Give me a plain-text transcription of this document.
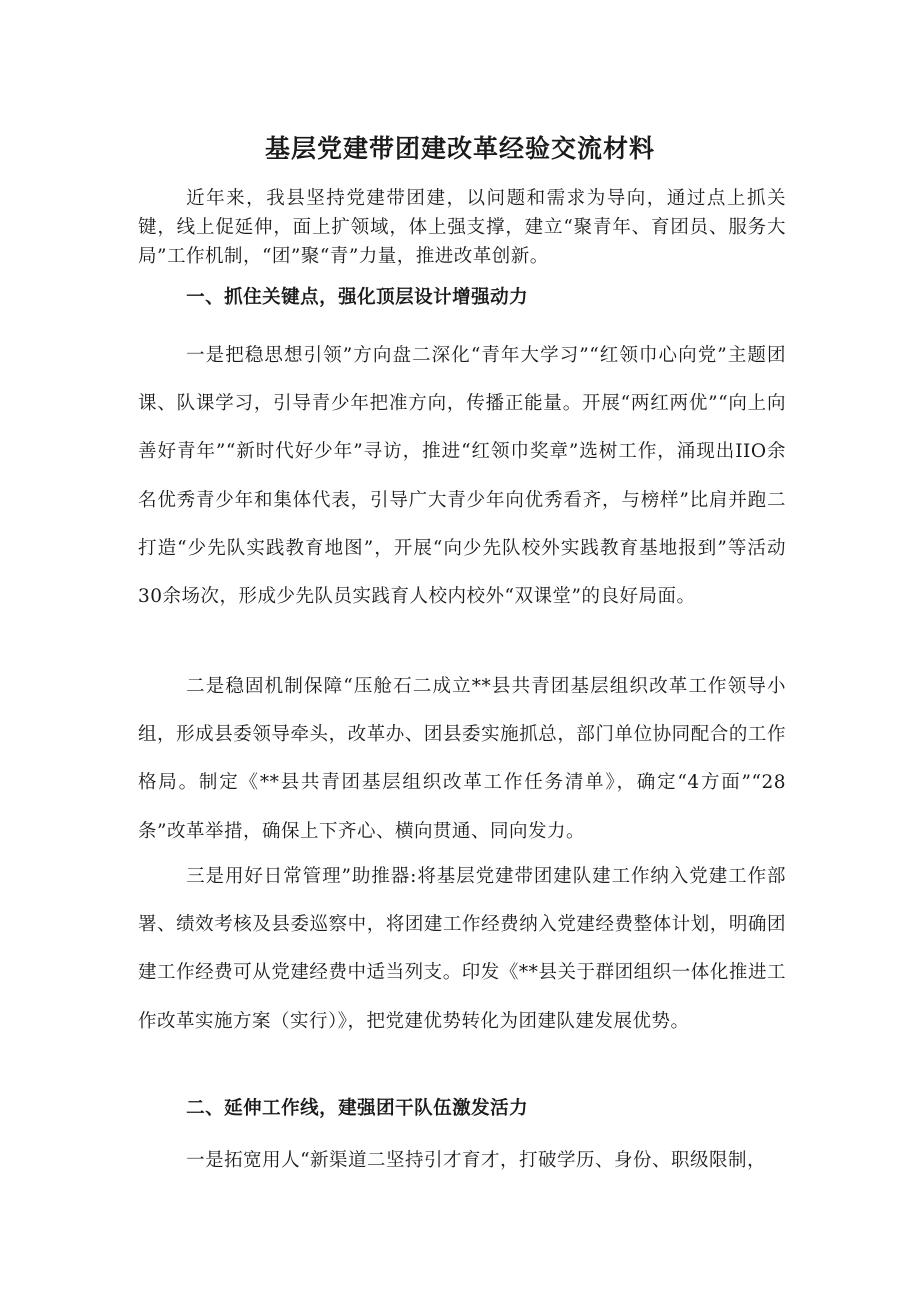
基层党建带团建改革经验交流材料

近年来，我县坚持党建带团建，以问题和需求为导向，通过点上抓关键，线上促延伸，面上扩领域，体上强支撑，建立“聚青年、育团员、服务大局”工作机制，“团”聚“青”力量，推进改革创新。

一、抓住关键点，强化顶层设计增强动力

一是把稳思想引领”方向盘二深化“青年大学习”“红领巾心向党”主题团课、队课学习，引导青少年把准方向，传播正能量。开展“两红两优”“向上向善好青年”“新时代好少年”寻访，推进“红领巾奖章”选树工作，涌现出IIO余名优秀青少年和集体代表，引导广大青少年向优秀看齐，与榜样”比肩并跑二打造“少先队实践教育地图”，开展“向少先队校外实践教育基地报到”等活动30余场次，形成少先队员实践育人校内校外“双课堂”的良好局面。

二是稳固机制保障“压舱石二成立**县共青团基层组织改革工作领导小组，形成县委领导牵头，改革办、团县委实施抓总，部门单位协同配合的工作格局。制定《**县共青团基层组织改革工作任务清单》，确定“4方面”“28条”改革举措，确保上下齐心、横向贯通、同向发力。

三是用好日常管理”助推器:将基层党建带团建队建工作纳入党建工作部署、绩效考核及县委巡察中，将团建工作经费纳入党建经费整体计划，明确团建工作经费可从党建经费中适当列支。印发《**县关于群团组织一体化推进工作改革实施方案（实行）》，把党建优势转化为团建队建发展优势。

二、延伸工作线，建强团干队伍激发活力

一是拓宽用人“新渠道二坚持引才育才，打破学历、身份、职级限制，
